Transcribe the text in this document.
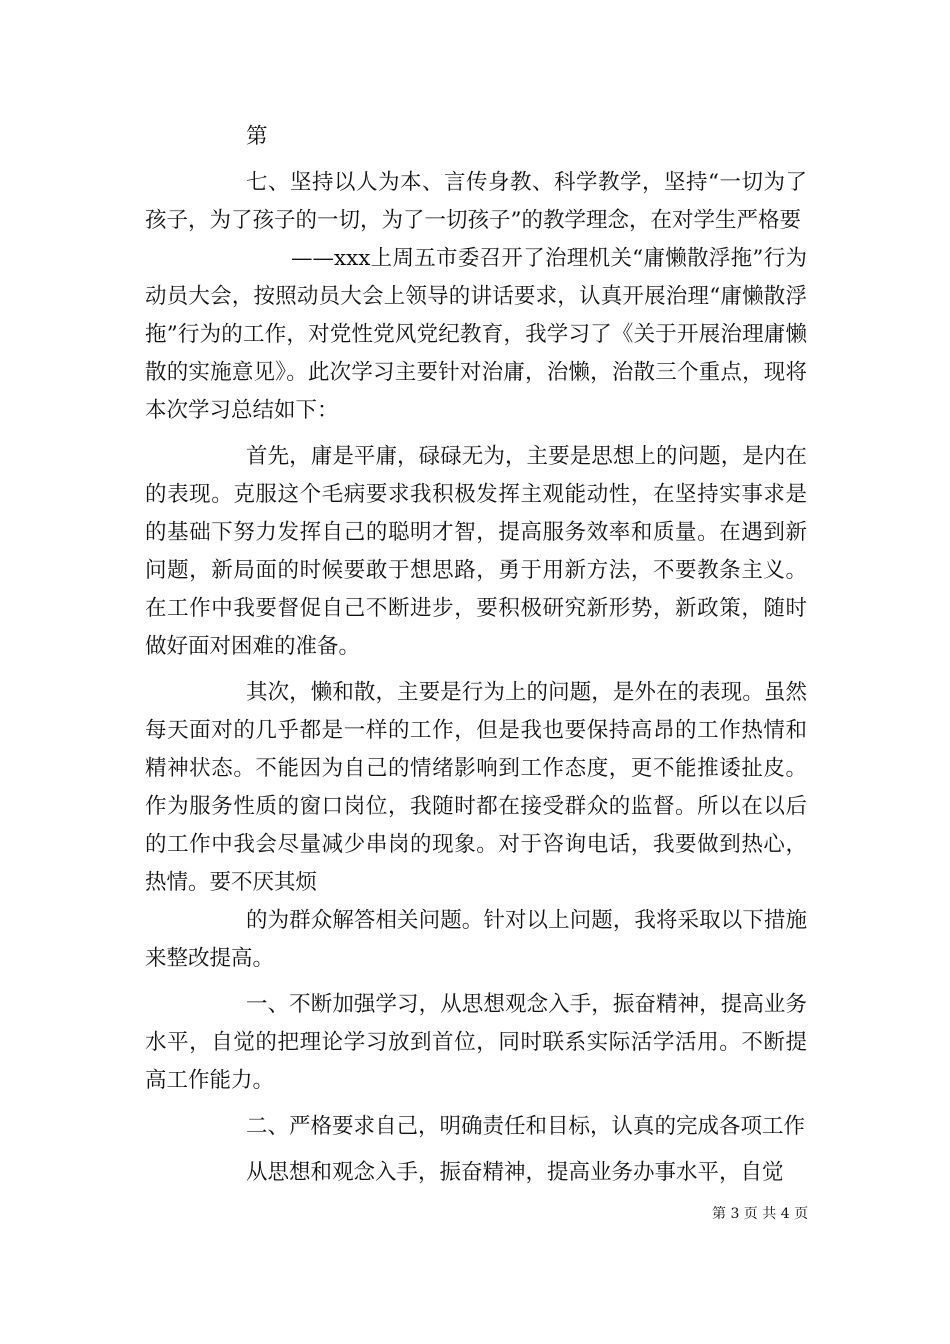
第

七、坚持以人为本、言传身教、科学教学，坚持“一切为了孩子，为了孩子的一切，为了一切孩子”的教学理念，在对学生严格要

——xxx上周五市委召开了治理机关“庸懒散浮拖”行为动员大会，按照动员大会上领导的讲话要求，认真开展治理“庸懒散浮拖”行为的工作，对党性党风党纪教育，我学习了《关于开展治理庸懒散的实施意见》。此次学习主要针对治庸，治懒，治散三个重点，现将本次学习总结如下：

首先，庸是平庸，碌碌无为，主要是思想上的问题，是内在的表现。克服这个毛病要求我积极发挥主观能动性，在坚持实事求是的基础下努力发挥自己的聪明才智，提高服务效率和质量。在遇到新问题，新局面的时候要敢于想思路，勇于用新方法，不要教条主义。在工作中我要督促自己不断进步，要积极研究新形势，新政策，随时做好面对困难的准备。

其次，懒和散，主要是行为上的问题，是外在的表现。虽然每天面对的几乎都是一样的工作，但是我也要保持高昂的工作热情和精神状态。不能因为自己的情绪影响到工作态度，更不能推诿扯皮。作为服务性质的窗口岗位，我随时都在接受群众的监督。所以在以后的工作中我会尽量减少串岗的现象。对于咨询电话，我要做到热心，热情。要不厌其烦

的为群众解答相关问题。针对以上问题，我将采取以下措施来整改提高。

一、不断加强学习，从思想观念入手，振奋精神，提高业务水平，自觉的把理论学习放到首位，同时联系实际活学活用。不断提高工作能力。

二、严格要求自己，明确责任和目标，认真的完成各项工作

从思想和观念入手，振奋精神，提高业务办事水平，自觉

第 3 页 共 4 页
